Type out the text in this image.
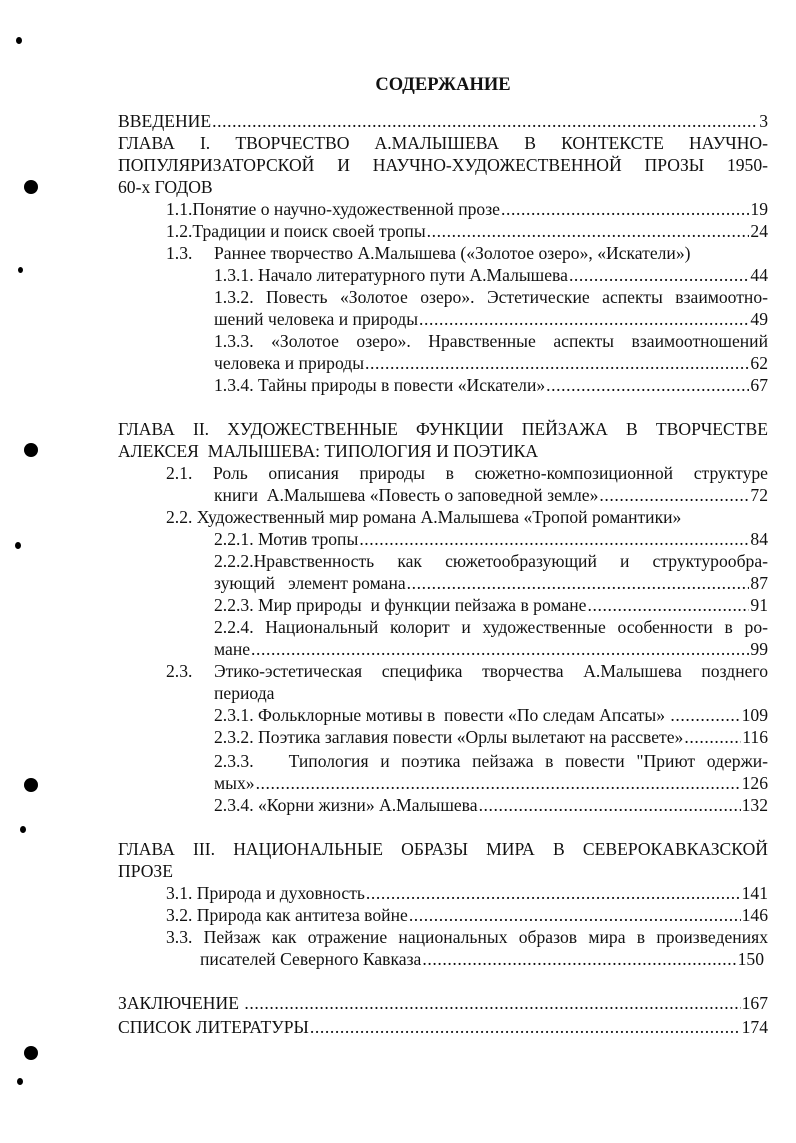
СОДЕРЖАНИЕ
ВВЕДЕНИЕ .....	3
ГЛАВА I. ТВОРЧЕСТВО А.МАЛЫШЕВА В КОНТЕКСТЕ НАУЧНО-
ПОПУЛЯРИЗАТОРСКОЙ И НАУЧНО-ХУДОЖЕСТВЕННОЙ ПРОЗЫ 1950-
60-х ГОДОВ
1.1. Понятие о научно-художественной прозе .....	19
1.2. Традиции и поиск своей тропы .....	24
1.3. Раннее творчество А.Малышева («Золотое озеро», «Искатели»)
1.3.1. Начало литературного пути А.Малышева .....	44
1.3.2. Повесть «Золотое озеро». Эстетические аспекты взаимоотно-
шений человека и природы .....	49
1.3.3. «Золотое озеро». Нравственные аспекты взаимоотношений
человека и природы .....	62
1.3.4. Тайны природы в повести «Искатели» .....	67
ГЛАВА II. ХУДОЖЕСТВЕННЫЕ ФУНКЦИИ ПЕЙЗАЖА В ТВОРЧЕСТВЕ
АЛЕКСЕЯ  МАЛЫШЕВА: ТИПОЛОГИЯ И ПОЭТИКА
2.1. Роль описания природы в сюжетно-композиционной структуре
книги  А.Малышева «Повесть о заповедной земле» .....	72
2.2. Художественный мир романа А.Малышева «Тропой романтики»
2.2.1. Мотив тропы .....	84
2.2.2.Нравственность как сюжетообразующий и структурообра-
зующий   элемент романа .....	87
2.2.3. Мир природы  и функции пейзажа в романе .....	91
2.2.4. Национальный колорит и художественные особенности в ро-
мане .....	99
2.3.	Этико-эстетическая специфика творчества А.Малышева позднего
периода
2.3.1. Фольклорные мотивы в  повести «По следам Апсаты» .....	109
2.3.2. Поэтика заглавия повести «Орлы вылетают на рассвете» .....	116
2.3.3.   Типология и поэтика пейзажа в повести "Приют одержи-
мых» .....	126
2.3.4. «Корни жизни» А.Малышева .....	132
ГЛАВА III. НАЦИОНАЛЬНЫЕ ОБРАЗЫ МИРА В СЕВЕРОКАВКАЗСКОЙ
ПРОЗЕ
3.1. Природа и духовность .....	141
3.2. Природа как антитеза войне .....	146
3.3. Пейзаж как отражение национальных образов мира в произведениях
писателей Северного Кавказа .....	150
ЗАКЛЮЧЕНИЕ .....	167
СПИСОК ЛИТЕРАТУРЫ .....	174
